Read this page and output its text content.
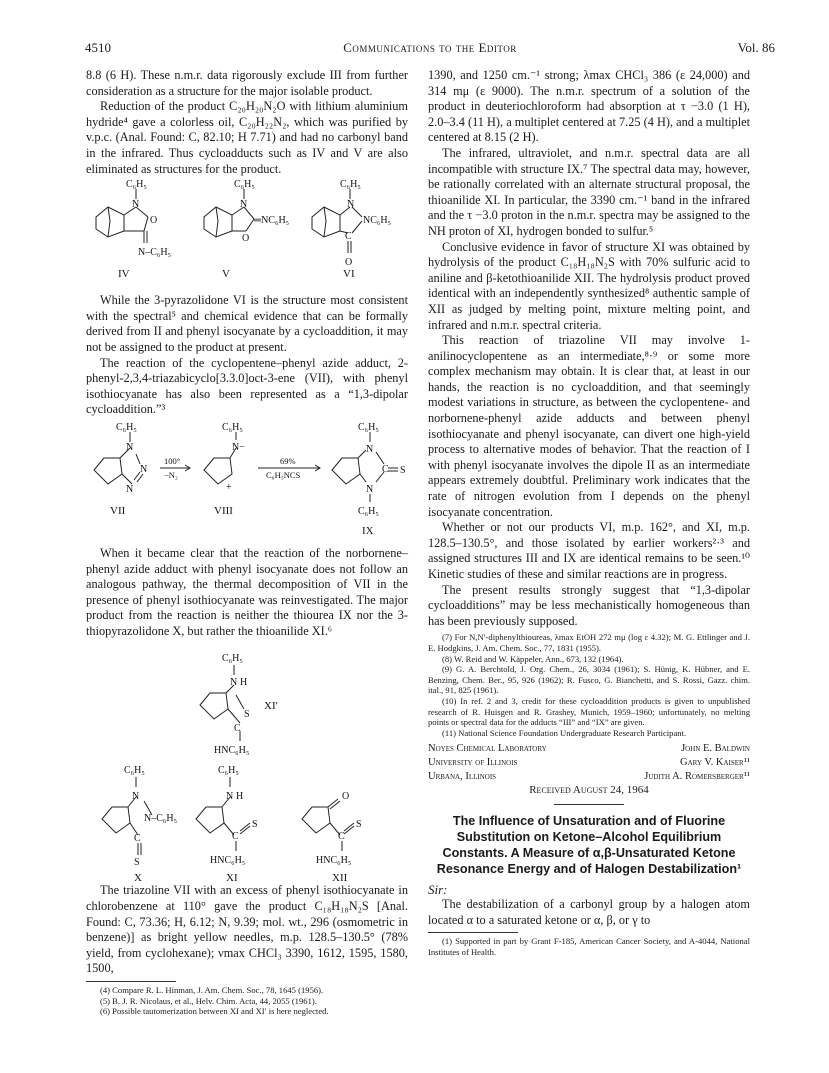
4510	Communications to the Editor	Vol. 86

8.8 (6 H). These n.m.r. data rigorously exclude III from further consideration as a structure for the major isolable product.

Reduction of the product C₂₀H₂₀N₂O with lithium aluminium hydride⁴ gave a colorless oil, C₂₀H₂₂N₂, which was purified by v.p.c. (Anal. Found: C, 82.10; H 7.71) and had no carbonyl band in the infrared. Thus cycloadducts such as IV and V are also eliminated as structures for the product.

C₆H₅
N
O
N–C₆H₅
IV
C₆H₅
N
O
═NC₆H₅
V
C₆H₅
N
NC₆H₅
C
O
VI

While the 3-pyrazolidone VI is the structure most consistent with the spectral⁵ and chemical evidence that can be formally derived from II and phenyl isocyanate by a cycloaddition, it may not be assigned to the product at present.

The reaction of the cyclopentene–phenyl azide adduct, 2-phenyl-2,3,4-triazabicyclo[3.3.0]oct-3-ene (VII), with phenyl isothiocyanate has also been represented as a “1,3-dipolar cycloaddition.”³

C₆H₅
N
N
N
VII
100°
−N₂
C₆H₅
N−
+
VIII
69%
C₆H₅NCS
C₆H₅
N
C S
N
C₆H₅
IX

When it became clear that the reaction of the norbornene–phenyl azide adduct with phenyl isocyanate does not follow an analogous pathway, the thermal decomposition of VII in the presence of phenyl isothiocyanate was reinvestigated. The major product from the reaction is neither the thiourea IX nor the 3-thiopyrazolidone X, but rather the thioanilide XI.⁶

C₆H₅
N H
S
C
XI′
HNC₆H₅
C₆H₅
N
N–C₆H₅
C
S
X
C₆H₅
N H
C
S
HNC₆H₅
XI
O
C
S
HNC₆H₅
XII

The triazoline VII with an excess of phenyl isothiocyanate in chlorobenzene at 110° gave the product C₁₈H₁₈N₂S [Anal. Found: C, 73.36; H, 6.12; N, 9.39; mol. wt., 296 (osmometric in benzene)] as bright yellow needles, m.p. 128.5–130.5° (78% yield, from cyclohexane); νmax CHCl₃ 3390, 1612, 1595, 1580, 1500,

(4) Compare R. L. Hinman, J. Am. Chem. Soc., 78, 1645 (1956).

(5) B. J. R. Nicolaus, et al., Helv. Chim. Acta, 44, 2055 (1961).

(6) Possible tautomerization between XI and XI′ is here neglected.

1390, and 1250 cm.⁻¹ strong; λmax CHCl₃ 386 (ε 24,000) and 314 mμ (ε 9000). The n.m.r. spectrum of a solution of the product in deuteriochloroform had absorption at τ −3.0 (1 H), 2.0–3.4 (11 H), a multiplet centered at 7.25 (4 H), and a multiplet centered at 8.15 (2 H).

The infrared, ultraviolet, and n.m.r. spectral data are all incompatible with structure IX.⁷ The spectral data may, however, be rationally correlated with an alternate structural proposal, the thioanilide XI. In particular, the 3390 cm.⁻¹ band in the infrared and the τ −3.0 proton in the n.m.r. spectra may be assigned to the NH proton of XI, hydrogen bonded to sulfur.⁵

Conclusive evidence in favor of structure XI was obtained by hydrolysis of the product C₁₈H₁₈N₂S with 70% sulfuric acid to aniline and β-ketothioanilide XII. The hydrolysis product proved identical with an independently synthesized⁸ authentic sample of XII as judged by melting point, mixture melting point, and infrared and n.m.r. spectral criteria.

This reaction of triazoline VII may involve 1-anilinocyclopentene as an intermediate,⁸·⁹ or some more complex mechanism may obtain. It is clear that, at least in our hands, the reaction is no cycloaddition, and that seemingly modest variations in structure, as between the cyclopentene- and norbornene-phenyl azide adducts and between phenyl isothiocyanate and phenyl isocyanate, can divert one high-yield process to alternative modes of behavior. That the reaction of I with phenyl isocyanate involves the dipole II as an intermediate appears extremely doubtful. Preliminary work indicates that the rate of nitrogen evolution from I depends on the phenyl isocyanate concentration.

Whether or not our products VI, m.p. 162°, and XI, m.p. 128.5–130.5°, and those isolated by earlier workers²·³ and assigned structures III and IX are identical remains to be seen.¹⁰ Kinetic studies of these and similar reactions are in progress.

The present results strongly suggest that “1,3-dipolar cycloadditions” may be less mechanistically homogeneous than has been previously supposed.

(7) For N,N′-diphenylthioureas, λmax EtOH 272 mμ (log ε 4.32); M. G. Ettlinger and J. E. Hodgkins, J. Am. Chem. Soc., 77, 1831 (1955).

(8) W. Reid and W. Käppeler, Ann., 673, 132 (1964).

(9) G. A. Berchtold, J. Org. Chem., 26, 3034 (1961); S. Hünig, K. Hübner, and E. Benzing, Chem. Ber., 95, 926 (1962); R. Fusco, G. Bianchetti, and S. Rossi, Gazz. chim. ital., 91, 825 (1961).

(10) In ref. 2 and 3, credit for these cycloaddition products is given to unpublished research of R. Huisgen and R. Grashey, Munich, 1959–1960; unfortunately, no melting points or spectral data for the adducts “III” and “IX” are given.

(11) National Science Foundation Undergraduate Research Participant.

Noyes Chemical Laboratory	John E. Baldwin
University of Illinois	Gary V. Kaiser¹¹
Urbana, Illinois	Judith A. Romersberger¹¹
Received August 24, 1964
The Influence of Unsaturation and of Fluorine Substitution on Ketone–Alcohol Equilibrium Constants. A Measure of α,β-Unsaturated Ketone Resonance Energy and of Halogen Destabilization¹

Sir:

The destabilization of a carbonyl group by a halogen atom located α to a saturated ketone or α, β, or γ to

(1) Supported in part by Grant F-185, American Cancer Society, and A-4044, National Institutes of Health.
